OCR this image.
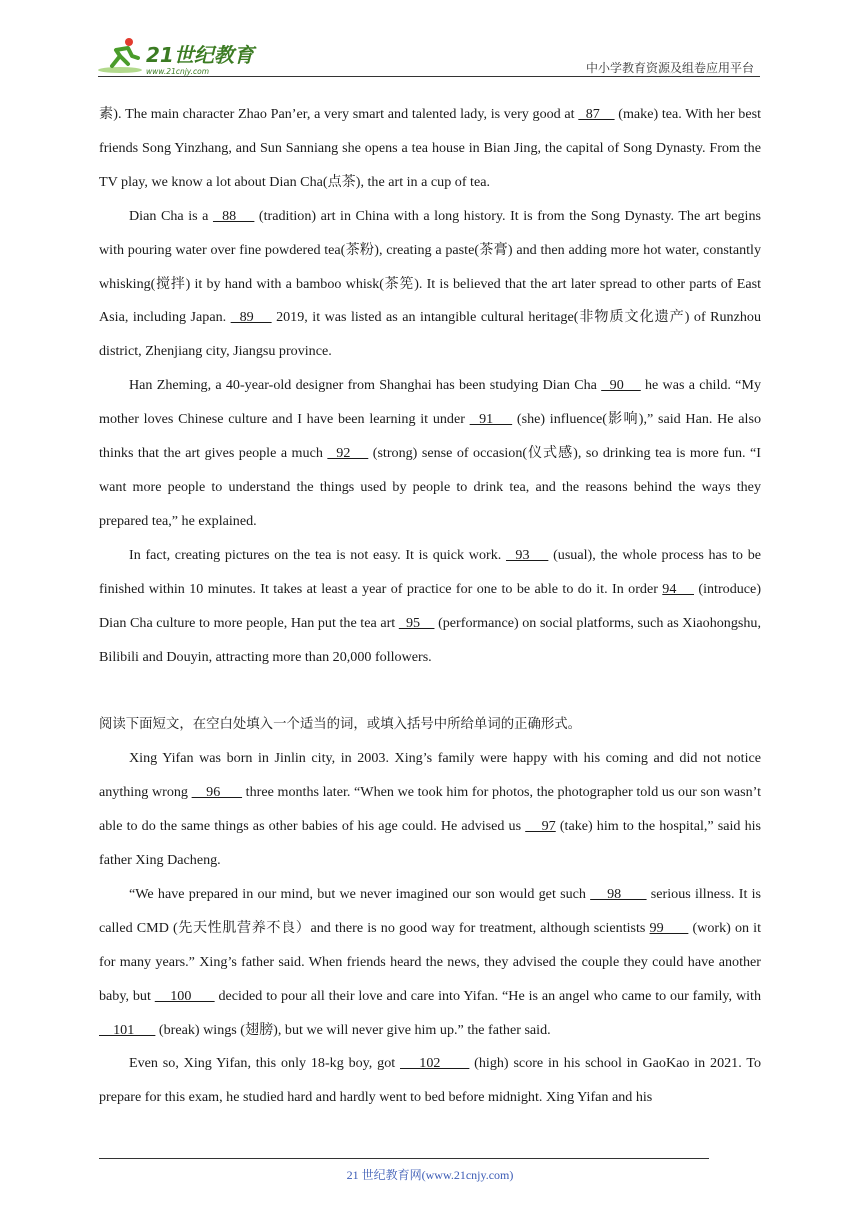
21世纪教育
www.21cnjy.com	中小学教育资源及组卷应用平台

素). The main character Zhao Pan’er, a very smart and talented lady, is very good at   87     (make) tea. With her best friends Song Yinzhang, and Sun Sanniang she opens a tea house in Bian Jing, the capital of Song Dynasty. From the TV play, we know a lot about Dian Cha(点茶), the art in a cup of tea.

Dian Cha is a   88     (tradition) art in China with a long history. It is from the Song Dynasty. The art begins with pouring water over fine powdered tea(茶粉), creating a paste(茶膏) and then adding more hot water, constantly whisking(搅拌) it by hand with a bamboo whisk(茶筅). It is believed that the art later spread to other parts of East Asia, including Japan.   89     2019, it was listed as an intangible cultural heritage(非物质文化遗产) of Runzhou district, Zhenjiang city, Jiangsu province.

Han Zheming, a 40-year-old designer from Shanghai has been studying Dian Cha   90     he was a child. “My mother loves Chinese culture and I have been learning it under   91     (she) influence(影响),” said Han. He also thinks that the art gives people a much   92     (strong) sense of occasion(仪式感), so drinking tea is more fun. “I want more people to understand the things used by people to drink tea, and the reasons behind the ways they prepared tea,” he explained.

In fact, creating pictures on the tea is not easy. It is quick work.   93     (usual), the whole process has to be finished within 10 minutes. It takes at least a year of practice for one to be able to do it. In order 94     (introduce) Dian Cha culture to more people, Han put the tea art   95     (performance) on social platforms, such as Xiaohongshu, Bilibili and Douyin, attracting more than 20,000 followers.

阅读下面短文，在空白处填入一个适当的词，或填入括号中所给单词的正确形式。

Xing Yifan was born in Jinlin city, in 2003. Xing’s family were happy with his coming and did not notice anything wrong     96       three months later. “When we took him for photos, the photographer told us our son wasn’t able to do the same things as other babies of his age could. He advised us     97 (take) him to the hospital,” said his father Xing Dacheng.

“We have prepared in our mind, but we never imagined our son would get such     98       serious illness. It is called CMD (先天性肌营养不良）and there is no good way for treatment, although scientists 99       (work) on it for many years.” Xing’s father said. When friends heard the news, they advised the couple they could have another baby, but     100       decided to pour all their love and care into Yifan. “He is an angel who came to our family, with     101       (break) wings (翅膀), but we will never give him up.” the father said.

Even so, Xing Yifan, this only 18-kg boy, got     102       (high) score in his school in GaoKao in 2021. To prepare for this exam, he studied hard and hardly went to bed before midnight. Xing Yifan and his

21 世纪教育网(www.21cnjy.com)
